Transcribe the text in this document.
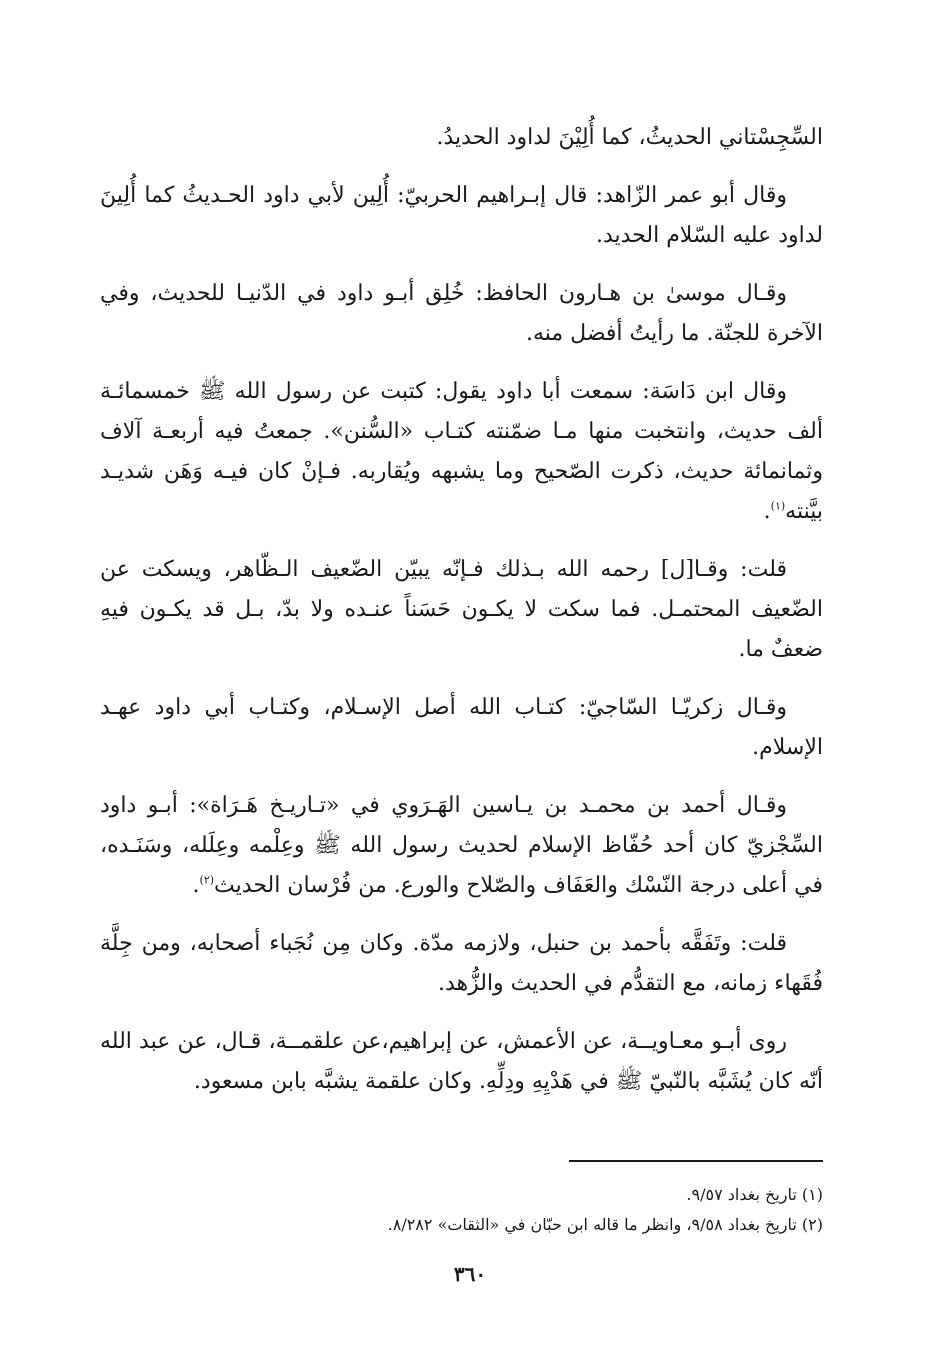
السِّجِسْتاني الحديثُ، كما أُلِيْنَ لداود الحديدُ.

وقال أبو عمر الزّاهد: قال إبـراهيم الحربيّ: أُلِين لأبي داود الحـديثُ كما أُلِينَ لداود عليه السّلام الحديد.

وقـال موسىٰ بن هـارون الحافظ: خُلِق أبـو داود في الدّنيـا للحديث، وفي الآخرة للجنّة. ما رأيتُ أفضل منه.

وقال ابن دَاسَة: سمعت أبا داود يقول: كتبت عن رسول الله ﷺ خمسمائـة ألف حديث، وانتخبت منها مـا ضمّنته كتـاب «السُّنن». جمعتُ فيه أربعـة آلاف وثمانمائة حديث، ذكرت الصّحيح وما يشبهه ويُقاربه. فـإنْ كان فيـه وَهَن شديـد بيَّنته$^{(١)}$.

قلت: وقـا[ل] رحمه الله بـذلك فـإنّه يبيّن الضّعيف الـظّاهر، ويسكت عن الضّعيف المحتمـل. فما سكت لا يكـون حَسَناً عنـده ولا بدّ، بـل قد يكـون فيهِ ضعفٌ ما.

وقـال زكريّـا السّاجيّ: كتـاب الله أصل الإسـلام، وكتـاب أبي داود عهـد الإسلام.

وقـال أحمد بن محمـد بن يـاسين الهَـرَوي في «تـاريـخ هَـرَاة»: أبـو داود السِّجْزيّ كان أحد حُفّاظ الإسلام لحديث رسول الله ﷺ وعِلْمه وعِلَله، وسَنَـده، في أعلى درجة النّسْك والعَفَاف والصّلاح والورع. من فُرْسان الحديث$^{(٢)}$.

قلت: وتَفَقَّه بأحمد بن حنبل، ولازمه مدّة. وكان مِن نُجَباء أصحابه، ومن جِلَّة فُقَهاء زمانه، مع التقدُّم في الحديث والزُّهد.

روى أبـو معـاويــة، عن الأعمش، عن إبراهيم،عن علقمــة، قـال، عن عبد الله أنّه كان يُشَبَّه بالنّبيّ ﷺ في هَدْيِهِ ودِلِّهِ. وكان علقمة يشبَّه بابن مسعود.

(١) تاريخ بغداد ٩/٥٧.
(٢) تاريخ بغداد ٩/٥٨، وانظر ما قاله ابن حبّان في «الثقات» ٨/٢٨٢.
٣٦٠
